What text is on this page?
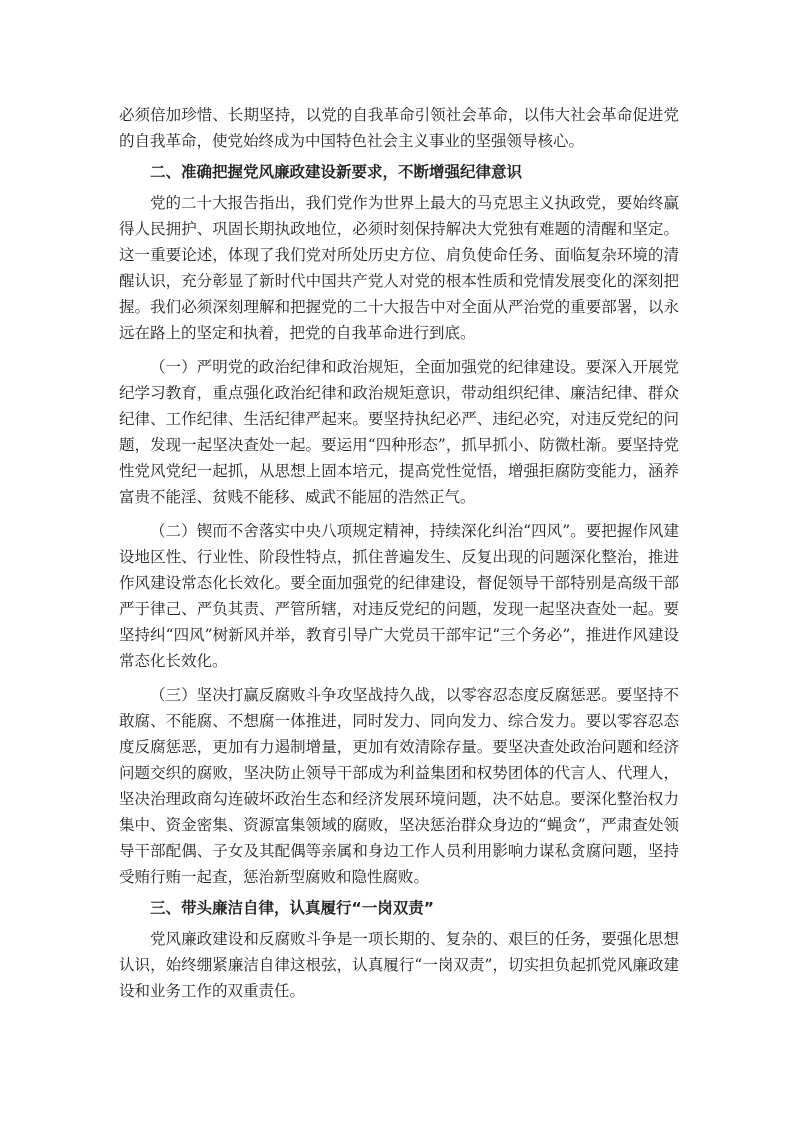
必须倍加珍惜、长期坚持，以党的自我革命引领社会革命，以伟大社会革命促进党的自我革命，使党始终成为中国特色社会主义事业的坚强领导核心。

二、准确把握党风廉政建设新要求，不断增强纪律意识

党的二十大报告指出，我们党作为世界上最大的马克思主义执政党，要始终赢得人民拥护、巩固长期执政地位，必须时刻保持解决大党独有难题的清醒和坚定。这一重要论述，体现了我们党对所处历史方位、肩负使命任务、面临复杂环境的清醒认识，充分彰显了新时代中国共产党人对党的根本性质和党情发展变化的深刻把握。我们必须深刻理解和把握党的二十大报告中对全面从严治党的重要部署，以永远在路上的坚定和执着，把党的自我革命进行到底。

（一）严明党的政治纪律和政治规矩，全面加强党的纪律建设。要深入开展党纪学习教育，重点强化政治纪律和政治规矩意识，带动组织纪律、廉洁纪律、群众纪律、工作纪律、生活纪律严起来。要坚持执纪必严、违纪必究，对违反党纪的问题，发现一起坚决查处一起。要运用“四种形态”，抓早抓小、防微杜渐。要坚持党性党风党纪一起抓，从思想上固本培元，提高党性觉悟，增强拒腐防变能力，涵养富贵不能淫、贫贱不能移、威武不能屈的浩然正气。

（二）锲而不舍落实中央八项规定精神，持续深化纠治“四风”。要把握作风建设地区性、行业性、阶段性特点，抓住普遍发生、反复出现的问题深化整治，推进作风建设常态化长效化。要全面加强党的纪律建设，督促领导干部特别是高级干部严于律己、严负其责、严管所辖，对违反党纪的问题，发现一起坚决查处一起。要坚持纠“四风”树新风并举，教育引导广大党员干部牢记“三个务必”，推进作风建设常态化长效化。

（三）坚决打赢反腐败斗争攻坚战持久战，以零容忍态度反腐惩恶。要坚持不敢腐、不能腐、不想腐一体推进，同时发力、同向发力、综合发力。要以零容忍态度反腐惩恶，更加有力遏制增量，更加有效清除存量。要坚决查处政治问题和经济问题交织的腐败，坚决防止领导干部成为利益集团和权势团体的代言人、代理人，坚决治理政商勾连破坏政治生态和经济发展环境问题，决不姑息。要深化整治权力集中、资金密集、资源富集领域的腐败，坚决惩治群众身边的“蝇贪”，严肃查处领导干部配偶、子女及其配偶等亲属和身边工作人员利用影响力谋私贪腐问题，坚持受贿行贿一起查，惩治新型腐败和隐性腐败。

三、带头廉洁自律，认真履行“一岗双责”

党风廉政建设和反腐败斗争是一项长期的、复杂的、艰巨的任务，要强化思想认识，始终绷紧廉洁自律这根弦，认真履行“一岗双责”，切实担负起抓党风廉政建设和业务工作的双重责任。
